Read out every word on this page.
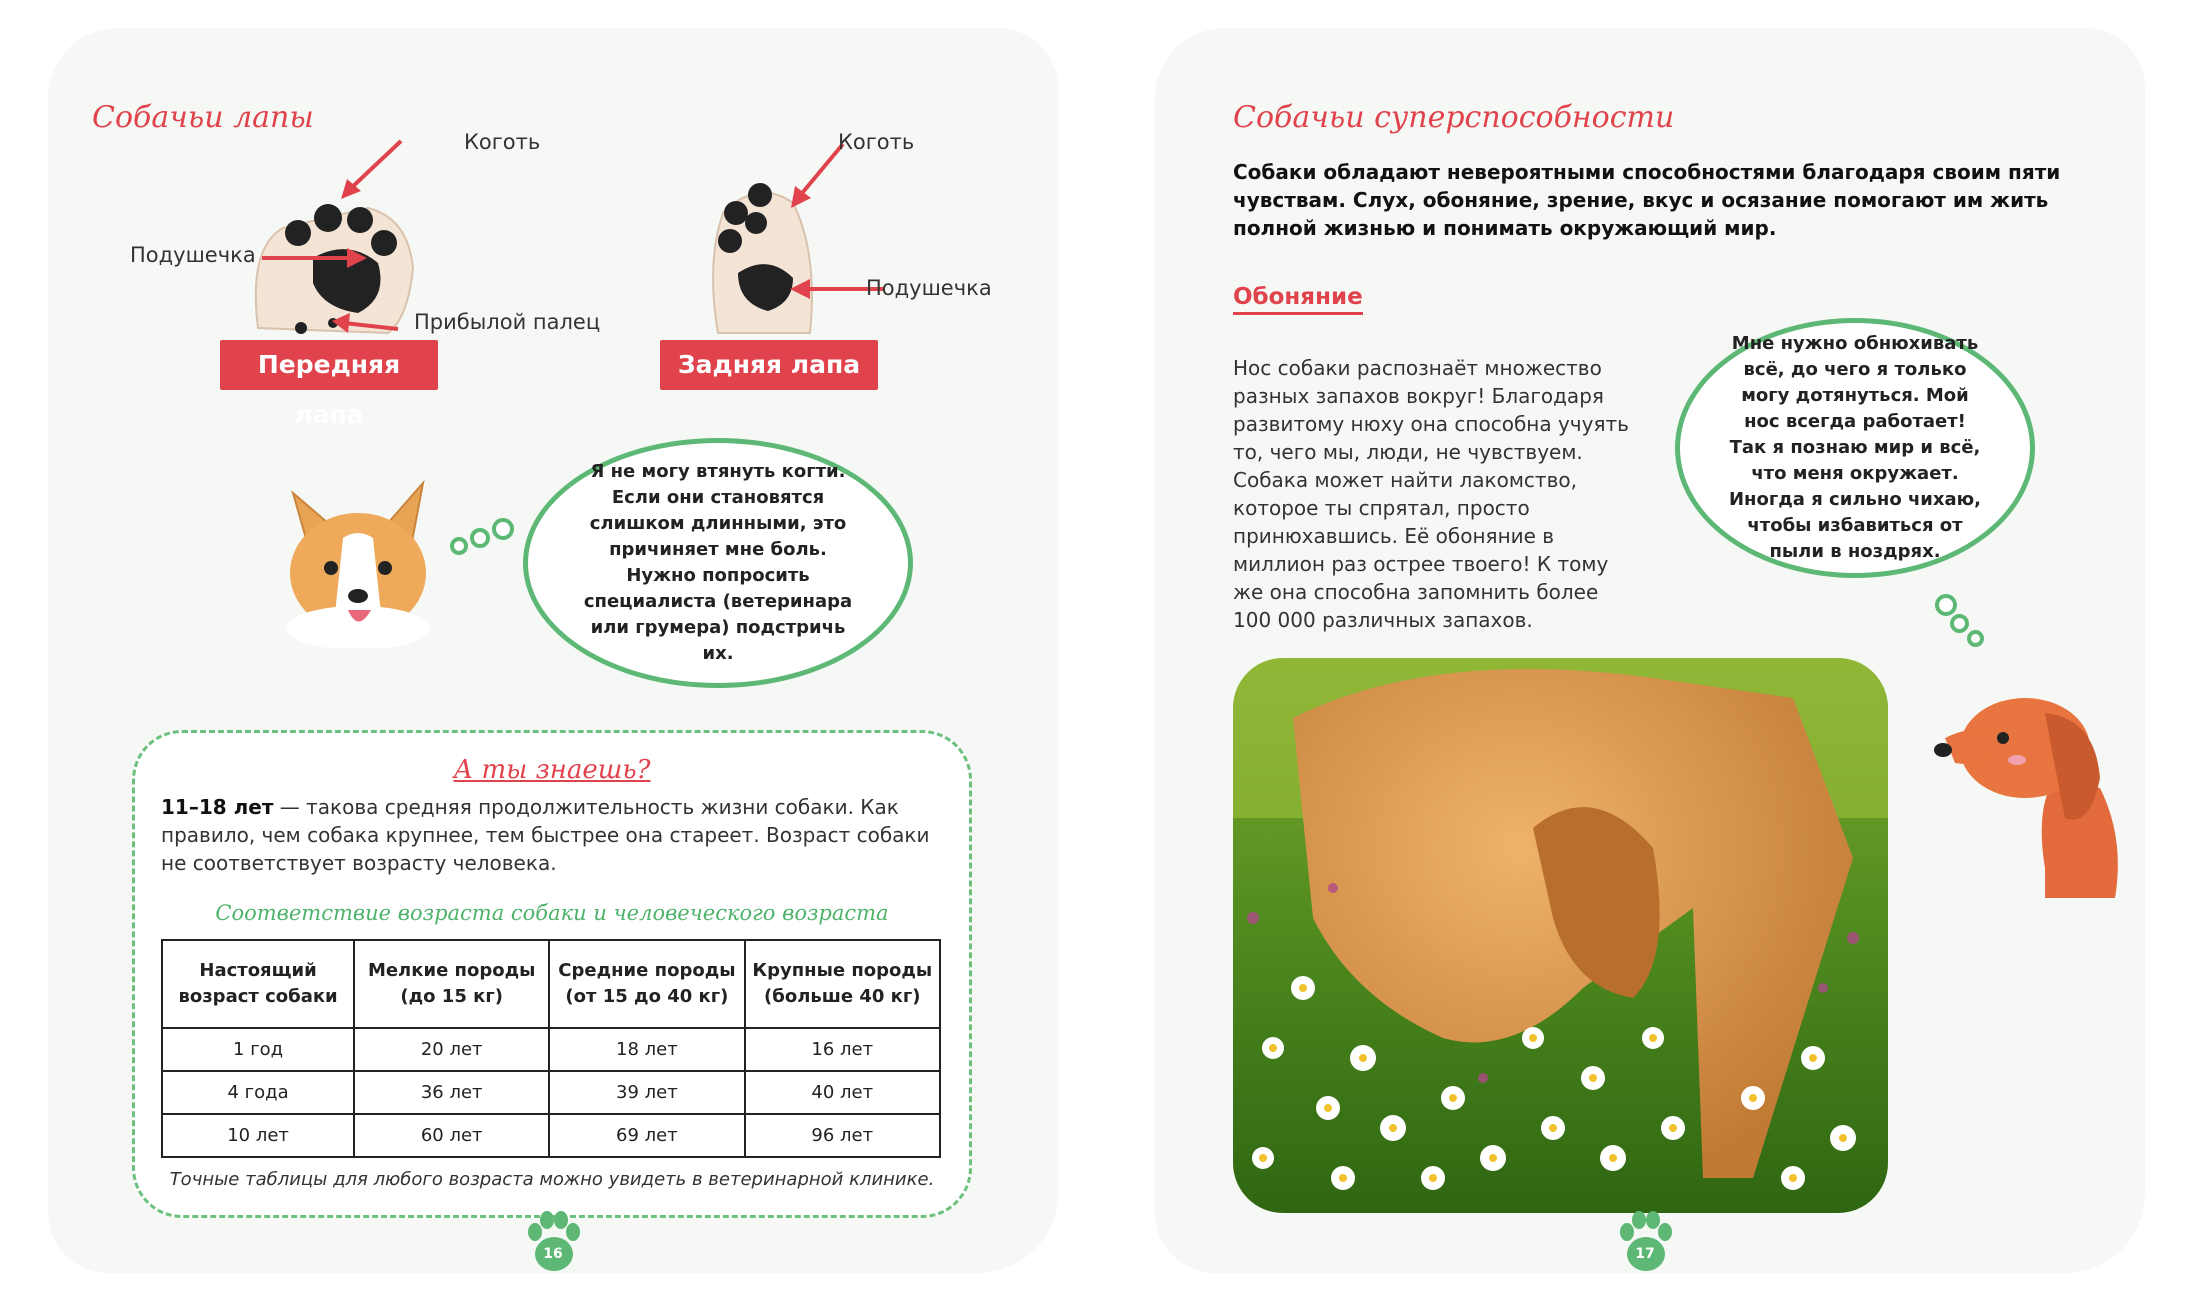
Собачьи лапы
Коготь
Подушечка
Прибылой палец
Передняя лапа
Коготь
Подушечка
Задняя лапа
Я не могу втянуть когти. Если они становятся слишком длинными, это причиняет мне боль. Нужно попросить специалиста (ветеринара или грумера) подстричь их.
А ты знаешь?
11–18 лет — такова средняя продолжительность жизни собаки. Как правило, чем собака крупнее, тем быстрее она стареет. Возраст собаки не соответствует возрасту человека.
Соответствие возраста собаки и человеческого возраста
Настоящий возраст собаки	Мелкие породы (до 15 кг)	Средние породы (от 15 до 40 кг)	Крупные породы (больше 40 кг)
1 год	20 лет	18 лет	16 лет
4 года	36 лет	39 лет	40 лет
10 лет	60 лет	69 лет	96 лет
Точные таблицы для любого возраста можно увидеть в ветеринарной клинике.
16
Собачьи суперспособности
Собаки обладают невероятными способностями благодаря своим пяти чувствам. Слух, обоняние, зрение, вкус и осязание помогают им жить полной жизнью и понимать окружающий мир.
Обоняние
Нос собаки распознаёт множество разных запахов вокруг! Благодаря развитому нюху она способна учуять то, чего мы, люди, не чувствуем. Собака может найти лакомство, которое ты спрятал, просто принюхавшись. Её обоняние в миллион раз острее твоего! К тому же она способна запомнить более 100 000 различных запахов.
Мне нужно обнюхивать всё, до чего я только могу дотянуться. Мой нос всегда работает! Так я познаю мир и всё, что меня окружает. Иногда я сильно чихаю, чтобы избавиться от пыли в ноздрях.
17
